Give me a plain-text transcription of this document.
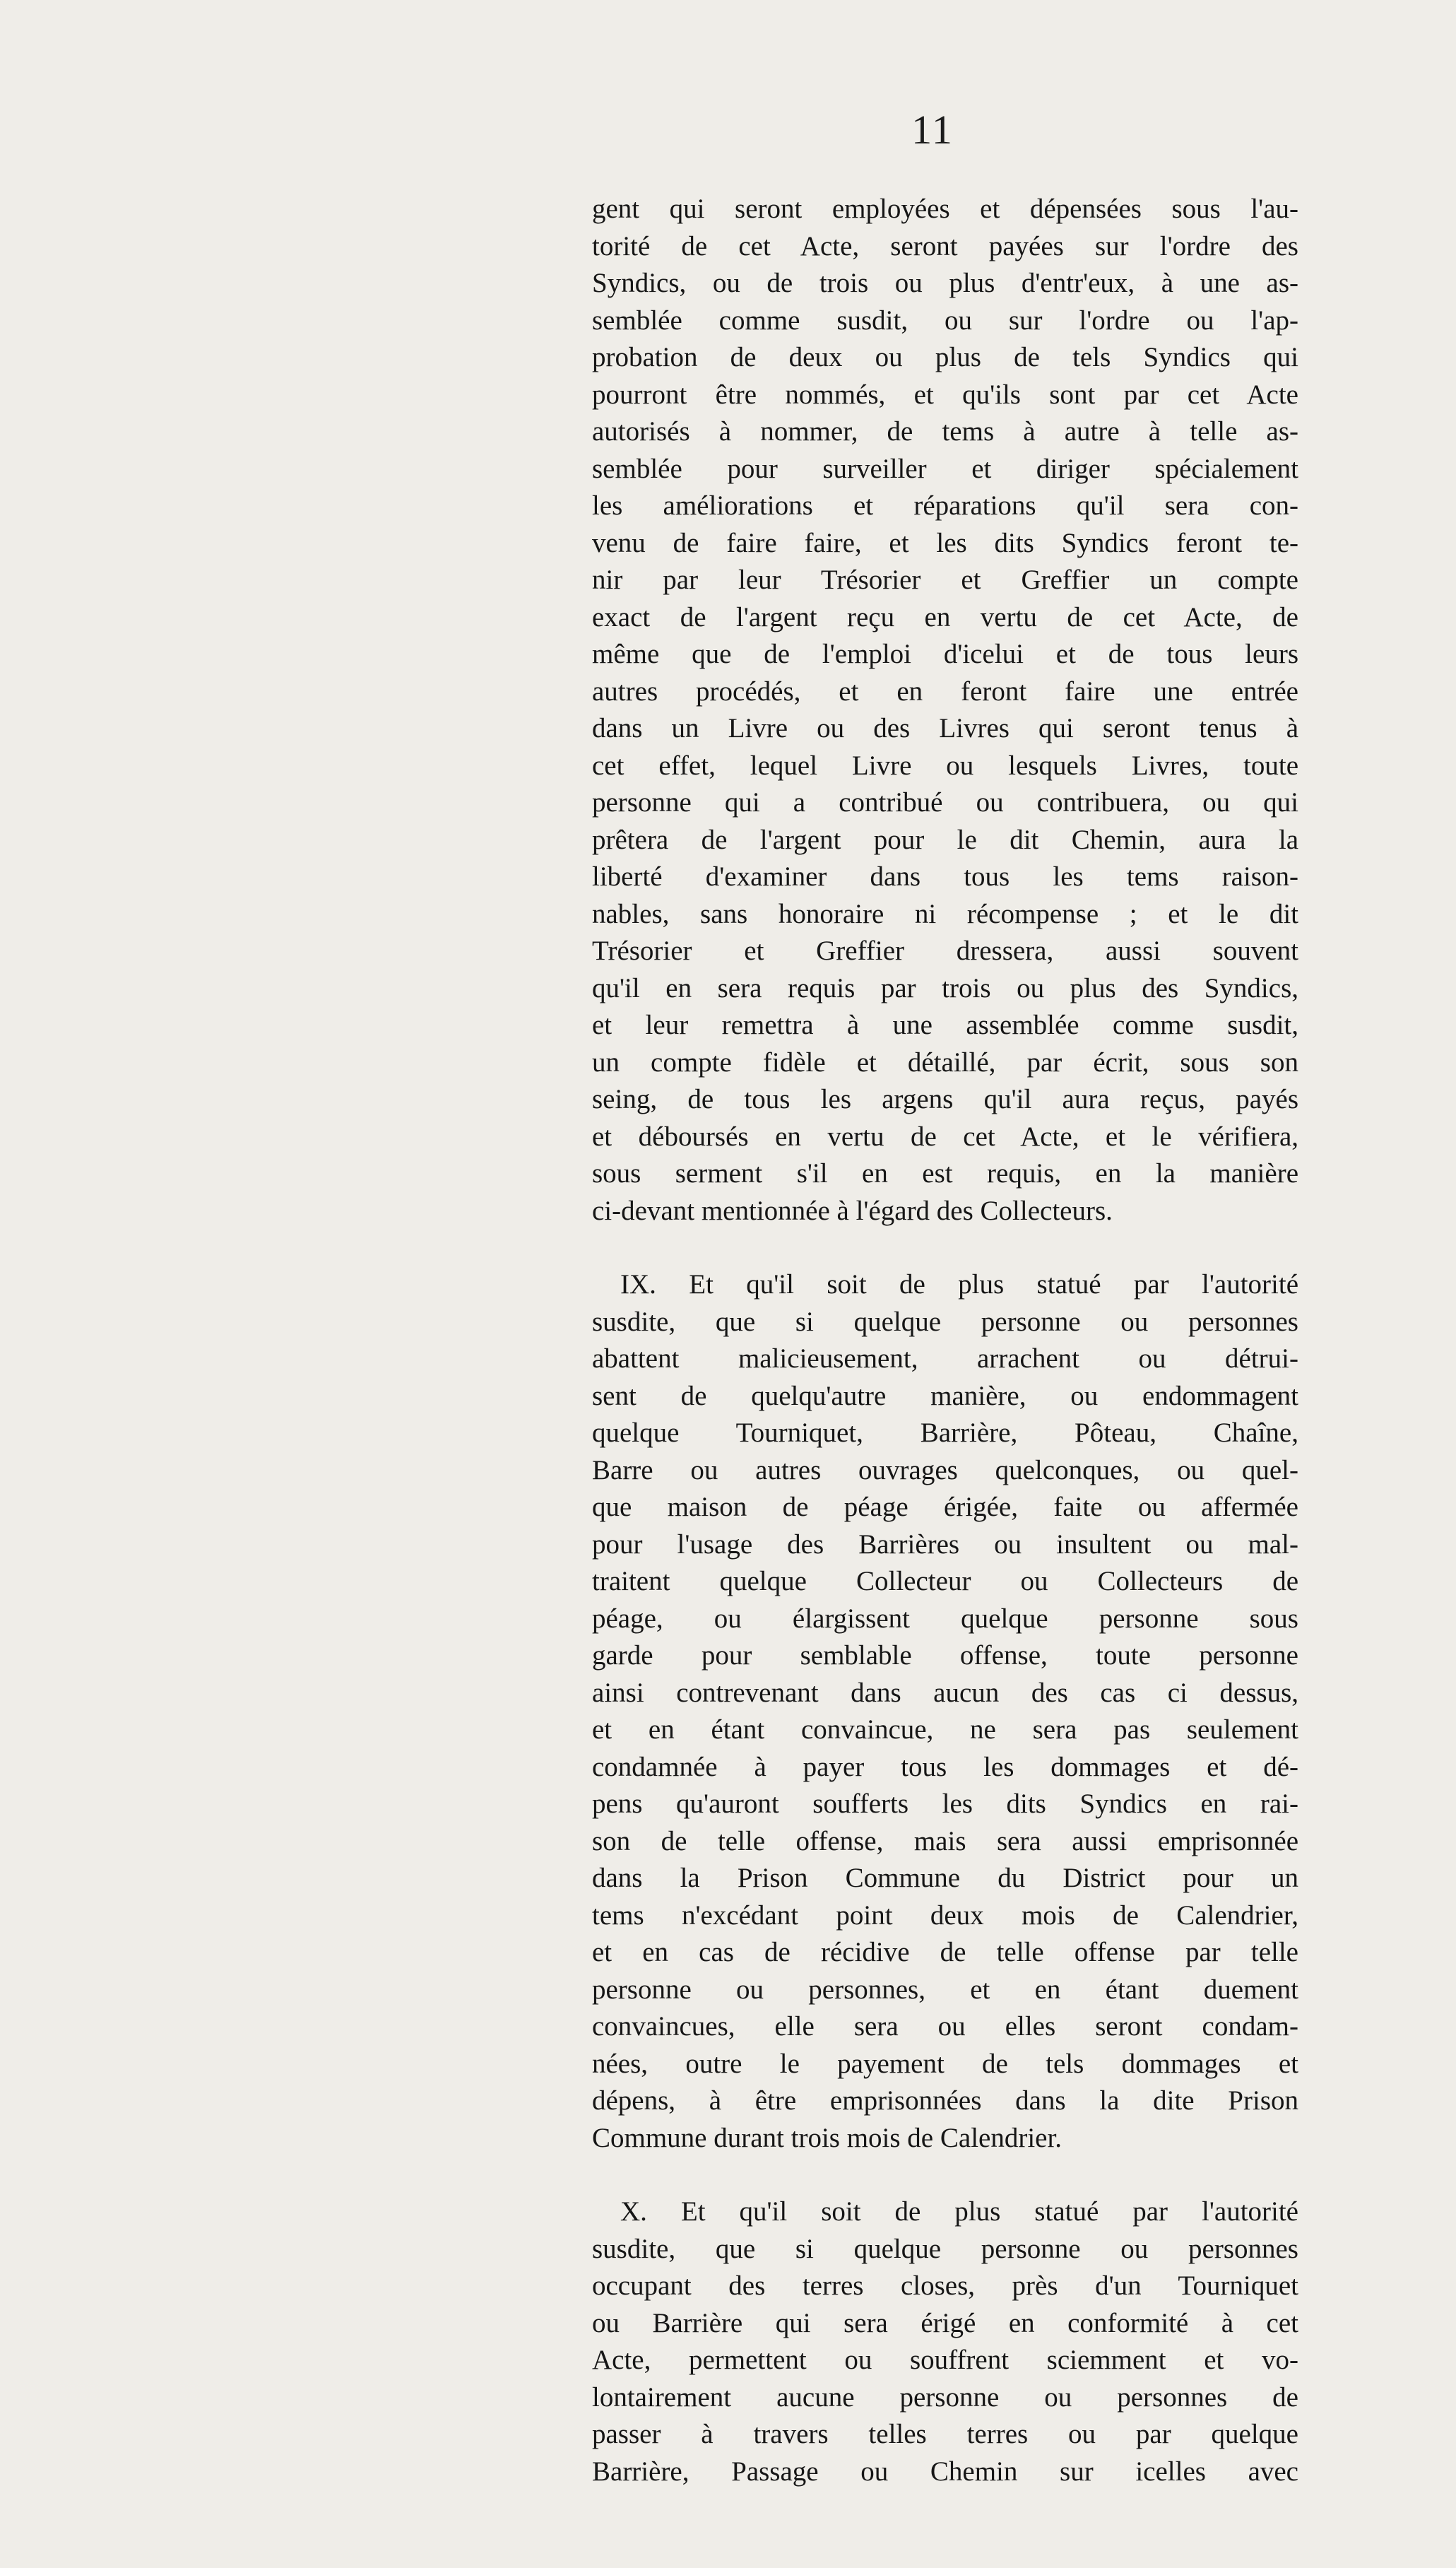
11
gent qui seront employées et dépensées sous l'au-
torité de cet Acte, seront payées sur l'ordre des
Syndics, ou de trois ou plus d'entr'eux, à une as-
semblée comme susdit, ou sur l'ordre ou l'ap-
probation de deux ou plus de tels Syndics qui
pourront être nommés, et qu'ils sont par cet Acte
autorisés à nommer, de tems à autre à telle as-
semblée pour surveiller et diriger spécialement
les améliorations et réparations qu'il sera con-
venu de faire faire, et les dits Syndics feront te-
nir par leur Trésorier et Greffier un compte
exact de l'argent reçu en vertu de cet Acte, de
même que de l'emploi d'icelui et de tous leurs
autres procédés, et en feront faire une entrée
dans un Livre ou des Livres qui seront tenus à
cet effet, lequel Livre ou lesquels Livres, toute
personne qui a contribué ou contribuera, ou qui
prêtera de l'argent pour le dit Chemin, aura la
liberté d'examiner dans tous les tems raison-
nables, sans honoraire ni récompense ; et le dit
Trésorier et Greffier dressera, aussi souvent
qu'il en sera requis par trois ou plus des Syndics,
et leur remettra à une assemblée comme susdit,
un compte fidèle et détaillé, par écrit, sous son
seing, de tous les argens qu'il aura reçus, payés
et déboursés en vertu de cet Acte, et le vérifiera,
sous serment s'il en est requis, en la manière
ci-devant mentionnée à l'égard des Collecteurs.
IX. Et qu'il soit de plus statué par l'autorité
susdite, que si quelque personne ou personnes
abattent malicieusement, arrachent ou détrui-
sent de quelqu'autre manière, ou endommagent
quelque Tourniquet, Barrière, Pôteau, Chaîne,
Barre ou autres ouvrages quelconques, ou quel-
que maison de péage érigée, faite ou affermée
pour l'usage des Barrières ou insultent ou mal-
traitent quelque Collecteur ou Collecteurs de
péage, ou élargissent quelque personne sous
garde pour semblable offense, toute personne
ainsi contrevenant dans aucun des cas ci dessus,
et en étant convaincue, ne sera pas seulement
condamnée à payer tous les dommages et dé-
pens qu'auront soufferts les dits Syndics en rai-
son de telle offense, mais sera aussi emprisonnée
dans la Prison Commune du District pour un
tems n'excédant point deux mois de Calendrier,
et en cas de récidive de telle offense par telle
personne ou personnes, et en étant duement
convaincues, elle sera ou elles seront condam-
nées, outre le payement de tels dommages et
dépens, à être emprisonnées dans la dite Prison
Commune durant trois mois de Calendrier.
X. Et qu'il soit de plus statué par l'autorité
susdite, que si quelque personne ou personnes
occupant des terres closes, près d'un Tourniquet
ou Barrière qui sera érigé en conformité à cet
Acte, permettent ou souffrent sciemment et vo-
lontairement aucune personne ou personnes de
passer à travers telles terres ou par quelque
Barrière, Passage ou Chemin sur icelles avec
